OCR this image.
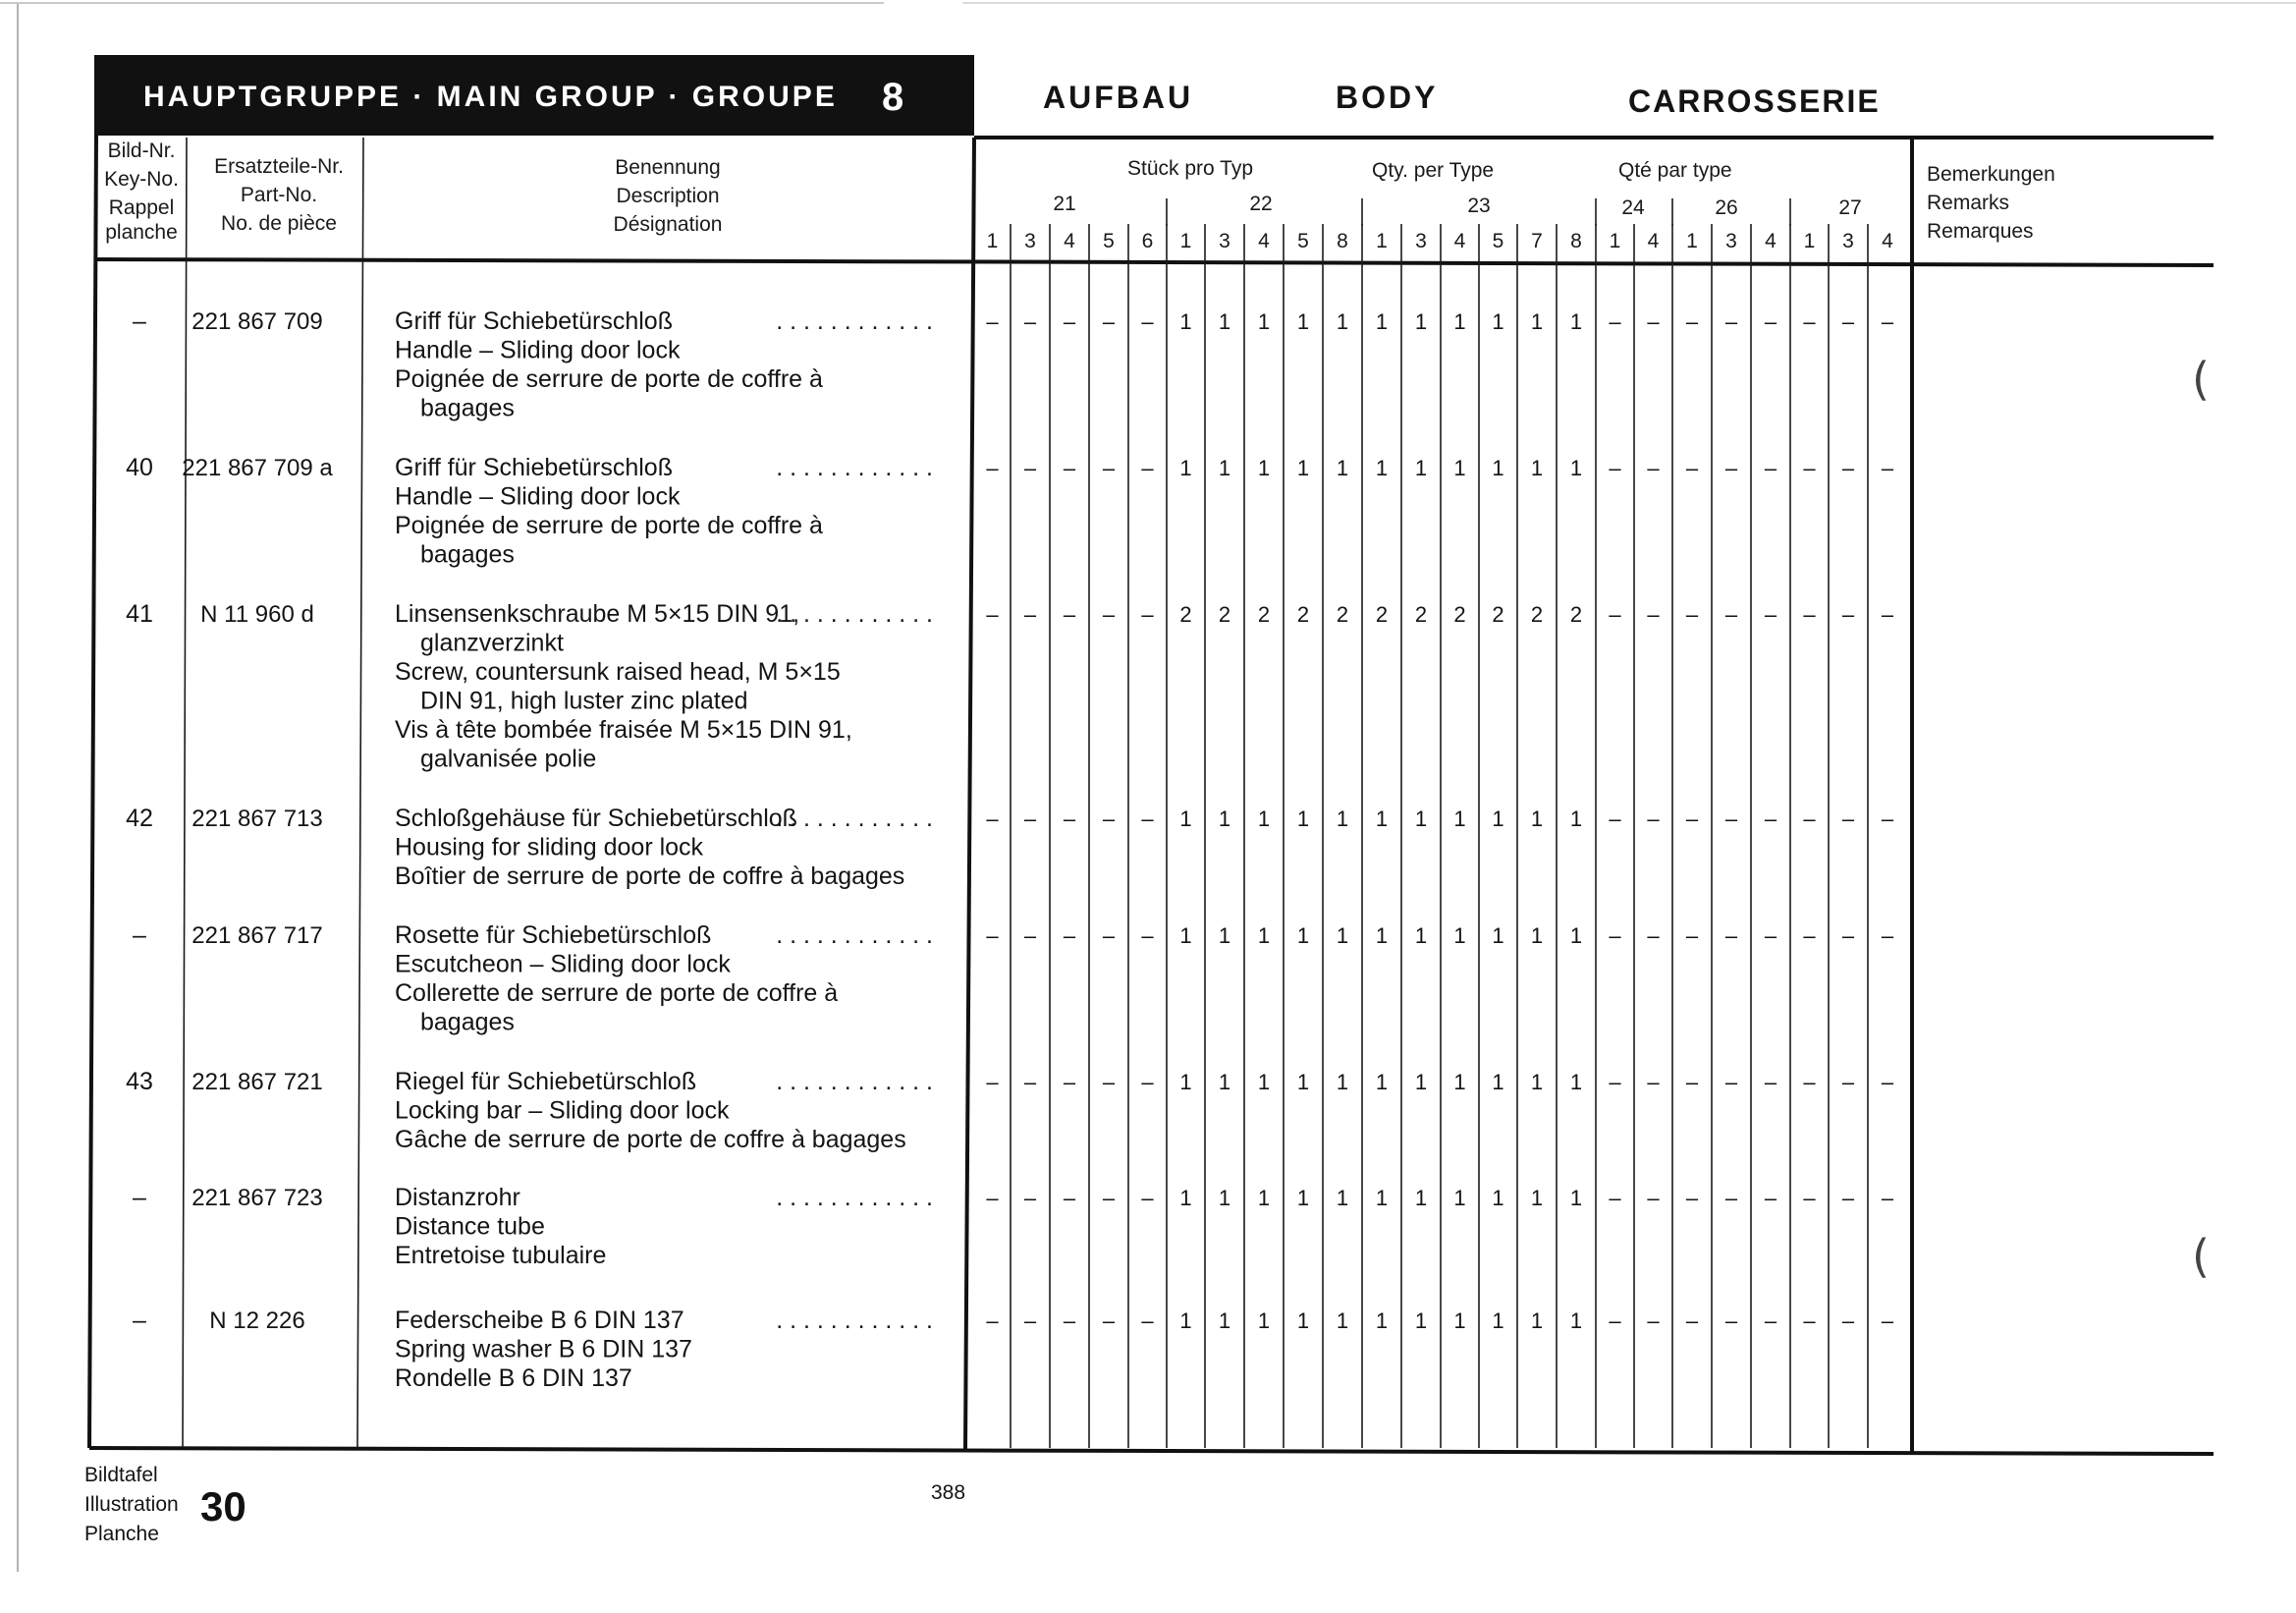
HAUPTGRUPPE · MAIN GROUP · GROUPE 8	AUFBAU	BODY	CARROSSERIE
Bild-Nr.
Key-No.
Rappel
planche
Ersatzteile-Nr.
Part-No.
No. de pièce
Benennung
Description
Désignation
Stück pro Typ	Qty. per Type	Qté par type
21	22	23	24	26	27
1 3 4 5 6 1 3 4 5 8 1 3 4 5 7 8 1 4 1 3 4 1 3 4
Bemerkungen
Remarks
Remarques
– 221 867 709	Griff für Schiebetürschloß	. . . . . . . . . . . .
Handle – Sliding door lock
Poignée de serrure de porte de coffre à
bagages
– – – – – 1 1 1 1 1 1 1 1 1 1 1 – – – – – – – –
40 221 867 709 a	Griff für Schiebetürschloß	. . . . . . . . . . . .
Handle – Sliding door lock
Poignée de serrure de porte de coffre à
bagages
– – – – – 1 1 1 1 1 1 1 1 1 1 1 – – – – – – – –
41 N 11 960 d	Linsensenkschraube M 5×15 DIN 91,
. . . . . . . . . . . .
glanzverzinkt
Screw, countersunk raised head, M 5×15
DIN 91, high luster zinc plated
Vis à tête bombée fraisée M 5×15 DIN 91,
galvanisée polie
– – – – – 2 2 2 2 2 2 2 2 2 2 2 – – – – – – – –
42 221 867 713	Schloßgehäuse für Schiebetürschloß
. . . . . . . . . . . .
Housing for sliding door lock
Boîtier de serrure de porte de coffre à bagages
– – – – – 1 1 1 1 1 1 1 1 1 1 1 – – – – – – – –
– 221 867 717	Rosette für Schiebetürschloß	. . . . . . . . . . . .
Escutcheon – Sliding door lock
Collerette de serrure de porte de coffre à
bagages
– – – – – 1 1 1 1 1 1 1 1 1 1 1 – – – – – – – –
43 221 867 721	Riegel für Schiebetürschloß	. . . . . . . . . . . .
Locking bar – Sliding door lock
Gâche de serrure de porte de coffre à bagages
– – – – – 1 1 1 1 1 1 1 1 1 1 1 – – – – – – – –
– 221 867 723	Distanzrohr	. . . . . . . . . . . .
Distance tube
Entretoise tubulaire
– – – – – 1 1 1 1 1 1 1 1 1 1 1 – – – – – – – –
–	N 12 226	Federscheibe B 6 DIN 137	. . . . . . . . . . . .
Spring washer B 6 DIN 137
Rondelle B 6 DIN 137
– – – – – 1 1 1 1 1 1 1 1 1 1 1 – – – – – – – –
(
(
Bildtafel
Illustration
Planche
30	388
